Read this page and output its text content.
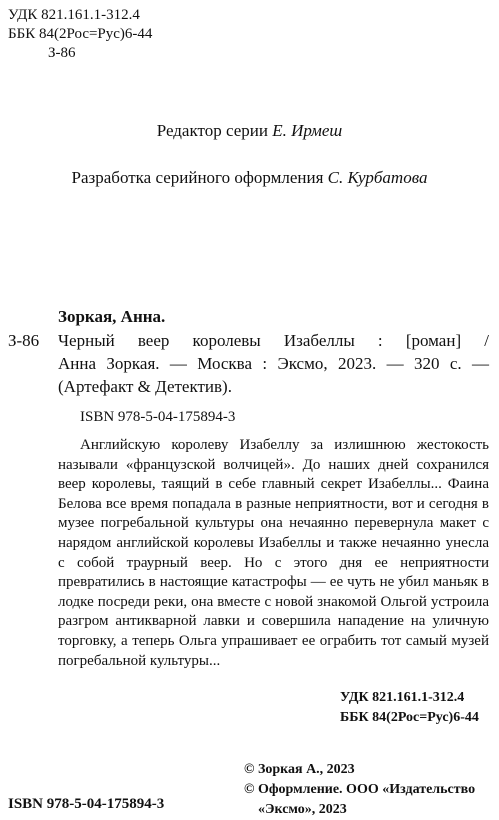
УДК 821.161.1-312.4
ББК 84(2Рос=Рус)6-44
З-86
Редактор серии Е. Ирмеш
Разработка серийного оформления С. Курбатова
Зоркая, Анна.
З-86 Черный веер королевы Изабеллы : [роман] /
Анна Зоркая. — Москва : Эксмо, 2023. — 320 с. —
(Артефакт & Детектив).
ISBN 978-5-04-175894-3

Английскую королеву Изабеллу за излишнюю жестокость называли «французской волчицей». До наших дней сохранился веер королевы, таящий в себе главный секрет Изабеллы... Фаина Белова все время попадала в разные неприятности, вот и сегодня в музее погребальной культуры она нечаянно перевернула макет с нарядом английской королевы Изабеллы и также нечаянно унесла с собой траурный веер. Но с этого дня ее неприятности превратились в настоящие катастрофы — ее чуть не убил маньяк в лодке посреди реки, она вместе с новой знакомой Ольгой устроила разгром антикварной лавки и совершила нападение на уличную торговку, а теперь Ольга упрашивает ее ограбить тот самый музей погребальной культуры...

УДК 821.161.1-312.4
ББК 84(2Рос=Рус)6-44
© Зоркая А., 2023
© Оформление. ООО «Издательство
«Эксмо», 2023
ISBN 978-5-04-175894-3
